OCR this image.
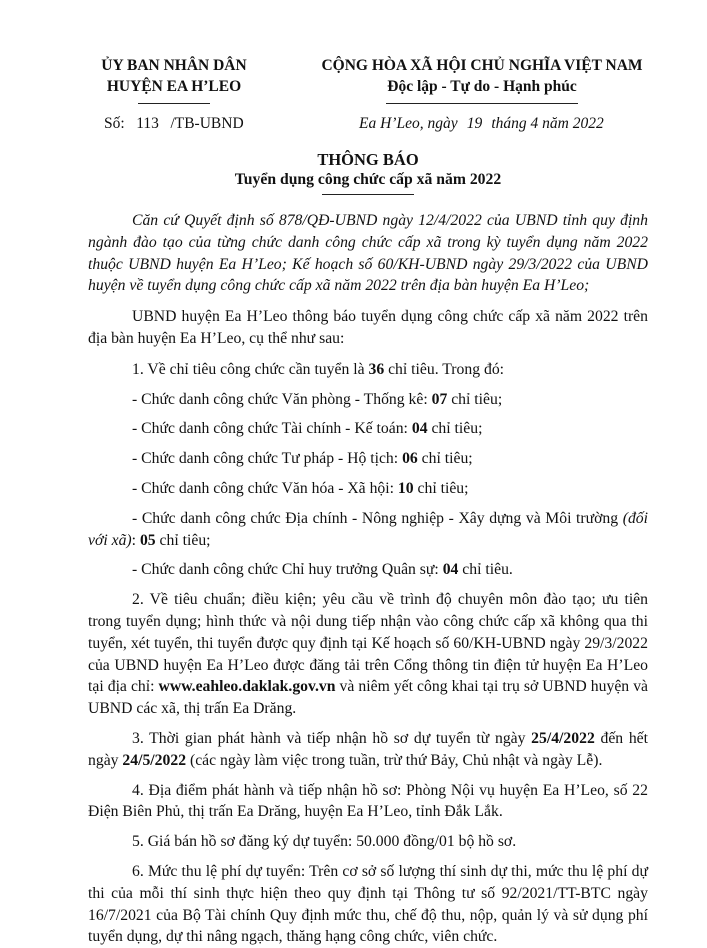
ỦY BAN NHÂN DÂN
HUYỆN EA H’LEO
CỘNG HÒA XÃ HỘI CHỦ NGHĨA VIỆT NAM
Độc lập - Tự do - Hạnh phúc
Số: 113 /TB-UBND	Ea H’Leo, ngày 19 tháng 4 năm 2022
THÔNG BÁO
Tuyển dụng công chức cấp xã năm 2022

Căn cứ Quyết định số 878/QĐ-UBND ngày 12/4/2022 của UBND tỉnh quy định ngành đào tạo của từng chức danh công chức cấp xã trong kỳ tuyển dụng năm 2022 thuộc UBND huyện Ea H’Leo; Kế hoạch số 60/KH-UBND ngày 29/3/2022 của UBND huyện về tuyển dụng công chức cấp xã năm 2022 trên địa bàn huyện Ea H’Leo;

UBND huyện Ea H’Leo thông báo tuyển dụng công chức cấp xã năm 2022 trên địa bàn huyện Ea H’Leo, cụ thể như sau:

1. Về chỉ tiêu công chức cần tuyển là 36 chỉ tiêu. Trong đó:

- Chức danh công chức Văn phòng - Thống kê: 07 chỉ tiêu;

- Chức danh công chức Tài chính - Kế toán: 04 chỉ tiêu;

- Chức danh công chức Tư pháp - Hộ tịch: 06 chỉ tiêu;

- Chức danh công chức Văn hóa - Xã hội: 10 chỉ tiêu;

- Chức danh công chức Địa chính - Nông nghiệp - Xây dựng và Môi trường (đối với xã): 05 chỉ tiêu;

- Chức danh công chức Chỉ huy trưởng Quân sự: 04 chỉ tiêu.

2. Về tiêu chuẩn; điều kiện; yêu cầu về trình độ chuyên môn đào tạo; ưu tiên trong tuyển dụng; hình thức và nội dung tiếp nhận vào công chức cấp xã không qua thi tuyển, xét tuyển, thi tuyển được quy định tại Kế hoạch số 60/KH-UBND ngày 29/3/2022 của UBND huyện Ea H’Leo được đăng tải trên Cổng thông tin điện tử huyện Ea H’Leo tại địa chỉ: www.eahleo.daklak.gov.vn và niêm yết công khai tại trụ sở UBND huyện và UBND các xã, thị trấn Ea Drăng.

3. Thời gian phát hành và tiếp nhận hồ sơ dự tuyển từ ngày 25/4/2022 đến hết ngày 24/5/2022 (các ngày làm việc trong tuần, trừ thứ Bảy, Chủ nhật và ngày Lễ).

4. Địa điểm phát hành và tiếp nhận hồ sơ: Phòng Nội vụ huyện Ea H’Leo, số 22 Điện Biên Phủ, thị trấn Ea Drăng, huyện Ea H’Leo, tỉnh Đắk Lắk.

5. Giá bán hồ sơ đăng ký dự tuyển: 50.000 đồng/01 bộ hồ sơ.

6. Mức thu lệ phí dự tuyển: Trên cơ sở số lượng thí sinh dự thi, mức thu lệ phí dự thi của mỗi thí sinh thực hiện theo quy định tại Thông tư số 92/2021/TT-BTC ngày 16/7/2021 của Bộ Tài chính Quy định mức thu, chế độ thu, nộp, quản lý và sử dụng phí tuyển dụng, dự thi nâng ngạch, thăng hạng công chức, viên chức.
